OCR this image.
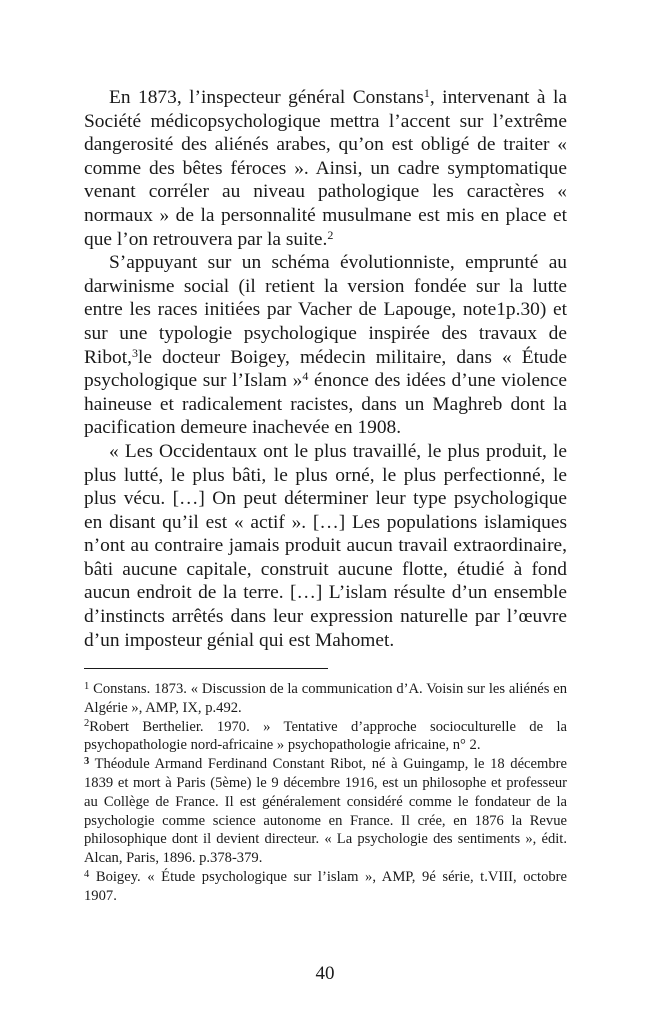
En 1873, l’inspecteur général Constans$^1$, intervenant à la Société médicopsychologique mettra l’accent sur l’extrême dangerosité des aliénés arabes, qu’on est obligé de traiter « comme des bêtes féroces ». Ainsi, un cadre symptomatique venant corréler au niveau pathologique les caractères « normaux » de la personnalité musulmane est mis en place et que l’on retrouvera par la suite.$^2$

S’appuyant sur un schéma évolutionniste, emprunté au darwinisme social (il retient la version fondée sur la lutte entre les races initiées par Vacher de Lapouge, note1p.30) et sur une typologie psychologique inspirée des travaux de Ribot,$^3$le docteur Boigey, médecin militaire, dans « Étude psychologique sur l’Islam »$^4$ énonce des idées d’une violence haineuse et radicalement racistes, dans un Maghreb dont la pacification demeure inachevée en 1908.

« Les Occidentaux ont le plus travaillé, le plus produit, le plus lutté, le plus bâti, le plus orné, le plus perfectionné, le plus vécu. […] On peut déterminer leur type psychologique en disant qu’il est « actif ». […] Les populations islamiques n’ont au contraire jamais produit aucun travail extraordinaire, bâti aucune capitale, construit aucune flotte, étudié à fond aucun endroit de la terre. […] L’islam résulte d’un ensemble d’instincts arrêtés dans leur expression naturelle par l’œuvre d’un imposteur génial qui est Mahomet.

$^1$ Constans. 1873. « Discussion de la communication d’A. Voisin sur les aliénés en Algérie », AMP, IX, p.492.

$^2$Robert Berthelier. 1970. » Tentative d’approche socioculturelle de la psychopathologie nord-africaine » psychopathologie africaine, n° 2.

$^3$ Théodule Armand Ferdinand Constant Ribot, né à Guingamp, le 18 décembre 1839 et mort à Paris (5ème) le 9 décembre 1916, est un philosophe et professeur au Collège de France. Il est généralement considéré comme le fondateur de la psychologie comme science autonome en France. Il crée, en 1876 la Revue philosophique dont il devient directeur. « La psychologie des sentiments », édit. Alcan, Paris, 1896. p.378-379.

$^4$ Boigey. « Étude psychologique sur l’islam », AMP, 9é série, t.VIII, octobre 1907.

40
